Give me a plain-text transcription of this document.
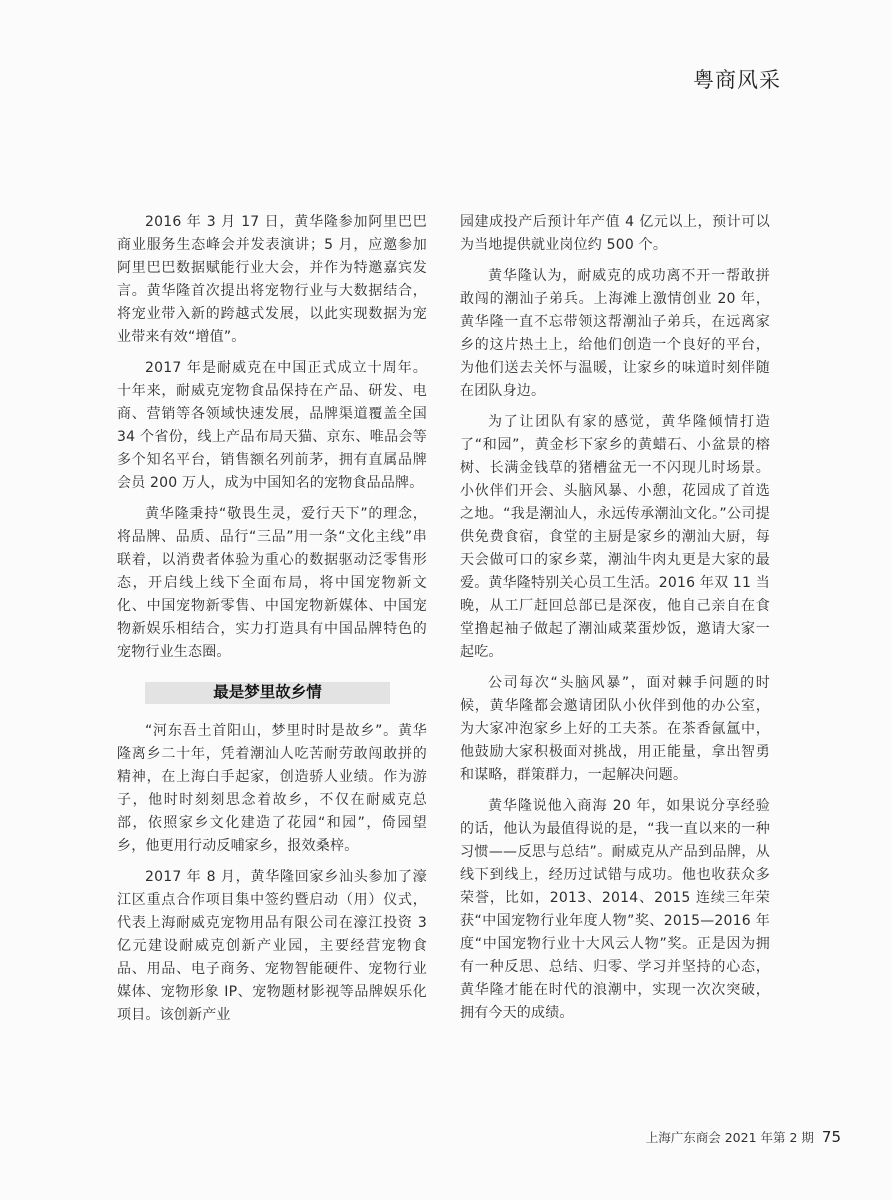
粤商风采

2016 年 3 月 17 日，黄华隆参加阿里巴巴商业服务生态峰会并发表演讲；5 月，应邀参加阿里巴巴数据赋能行业大会，并作为特邀嘉宾发言。黄华隆首次提出将宠物行业与大数据结合，将宠业带入新的跨越式发展，以此实现数据为宠业带来有效“增值”。

2017 年是耐威克在中国正式成立十周年。十年来，耐威克宠物食品保持在产品、研发、电商、营销等各领域快速发展，品牌渠道覆盖全国 34 个省份，线上产品布局天猫、京东、唯品会等多个知名平台，销售额名列前茅，拥有直属品牌会员 200 万人，成为中国知名的宠物食品品牌。

黄华隆秉持“敬畏生灵，爱行天下”的理念，将品牌、品质、品行“三品”用一条“文化主线”串联着，以消费者体验为重心的数据驱动泛零售形态，开启线上线下全面布局，将中国宠物新文化、中国宠物新零售、中国宠物新媒体、中国宠物新娱乐相结合，实力打造具有中国品牌特色的宠物行业生态圈。

最是梦里故乡情

“河东吾土首阳山，梦里时时是故乡”。黄华隆离乡二十年，凭着潮汕人吃苦耐劳敢闯敢拼的精神，在上海白手起家，创造骄人业绩。作为游子，他时时刻刻思念着故乡，不仅在耐威克总部，依照家乡文化建造了花园“和园”，倚园望乡，他更用行动反哺家乡，报效桑梓。

2017 年 8 月，黄华隆回家乡汕头参加了濠江区重点合作项目集中签约暨启动（用）仪式，代表上海耐威克宠物用品有限公司在濠江投资 3 亿元建设耐威克创新产业园，主要经营宠物食品、用品、电子商务、宠物智能硬件、宠物行业媒体、宠物形象 IP、宠物题材影视等品牌娱乐化项目。该创新产业

园建成投产后预计年产值 4 亿元以上，预计可以为当地提供就业岗位约 500 个。

黄华隆认为，耐威克的成功离不开一帮敢拼敢闯的潮汕子弟兵。上海滩上激情创业 20 年，黄华隆一直不忘带领这帮潮汕子弟兵，在远离家乡的这片热土上，给他们创造一个良好的平台，为他们送去关怀与温暖，让家乡的味道时刻伴随在团队身边。

为了让团队有家的感觉，黄华隆倾情打造了“和园”，黄金杉下家乡的黄蜡石、小盆景的榕树、长满金钱草的猪槽盆无一不闪现儿时场景。小伙伴们开会、头脑风暴、小憩，花园成了首选之地。“我是潮汕人，永远传承潮汕文化。”公司提供免费食宿，食堂的主厨是家乡的潮汕大厨，每天会做可口的家乡菜，潮汕牛肉丸更是大家的最爱。黄华隆特别关心员工生活。2016 年双 11 当晚，从工厂赶回总部已是深夜，他自己亲自在食堂撸起袖子做起了潮汕咸菜蛋炒饭，邀请大家一起吃。

公司每次“头脑风暴”，面对棘手问题的时候，黄华隆都会邀请团队小伙伴到他的办公室，为大家冲泡家乡上好的工夫茶。在茶香氤氲中，他鼓励大家积极面对挑战，用正能量，拿出智勇和谋略，群策群力，一起解决问题。

黄华隆说他入商海 20 年，如果说分享经验的话，他认为最值得说的是，“我一直以来的一种习惯——反思与总结”。耐威克从产品到品牌，从线下到线上，经历过试错与成功。他也收获众多荣誉，比如，2013、2014、2015 连续三年荣获“中国宠物行业年度人物”奖、2015—2016 年度“中国宠物行业十大风云人物”奖。正是因为拥有一种反思、总结、归零、学习并坚持的心态，黄华隆才能在时代的浪潮中，实现一次次突破，拥有今天的成绩。

上海广东商会 2021 年第 2 期 75
